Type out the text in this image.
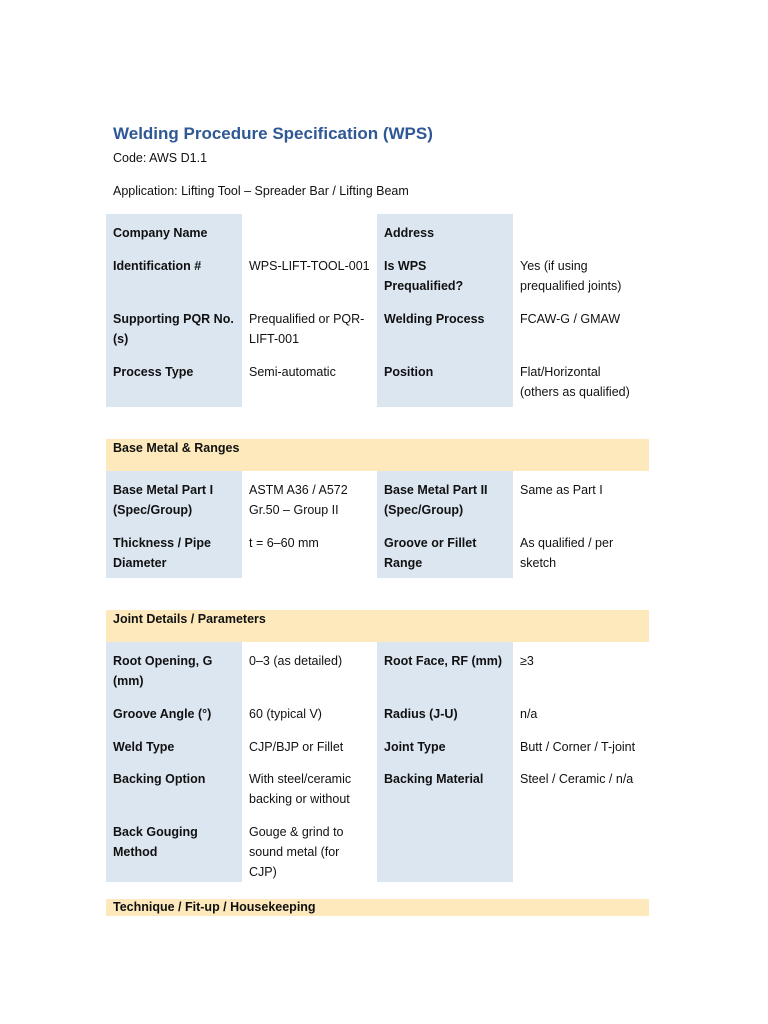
Welding Procedure Specification (WPS)

Code: AWS D1.1

Application: Lifting Tool – Spreader Bar / Lifting Beam

Company Name		Address	
Identification #	WPS-LIFT-TOOL-001	Is WPS Prequalified?	Yes (if using prequalified joints)
Supporting PQR No. (s)	Prequalified or PQR-LIFT-001	Welding Process	FCAW-G / GMAW
Process Type	Semi-automatic	Position	Flat/Horizontal (others as qualified)
Base Metal & Ranges
Base Metal Part I (Spec/Group)	ASTM A36 / A572 Gr.50 – Group II	Base Metal Part II (Spec/Group)	Same as Part I
Thickness / Pipe Diameter	t = 6–60 mm	Groove or Fillet Range	As qualified / per sketch
Joint Details / Parameters
Root Opening, G (mm)	0–3 (as detailed)	Root Face, RF (mm)	≥3
Groove Angle (°)	60 (typical V)	Radius (J-U)	n/a
Weld Type	CJP/BJP or Fillet	Joint Type	Butt / Corner / T-joint
Backing Option	With steel/ceramic backing or without	Backing Material	Steel / Ceramic / n/a
Back Gouging Method	Gouge & grind to sound metal (for CJP)		
Technique / Fit-up / Housekeeping
